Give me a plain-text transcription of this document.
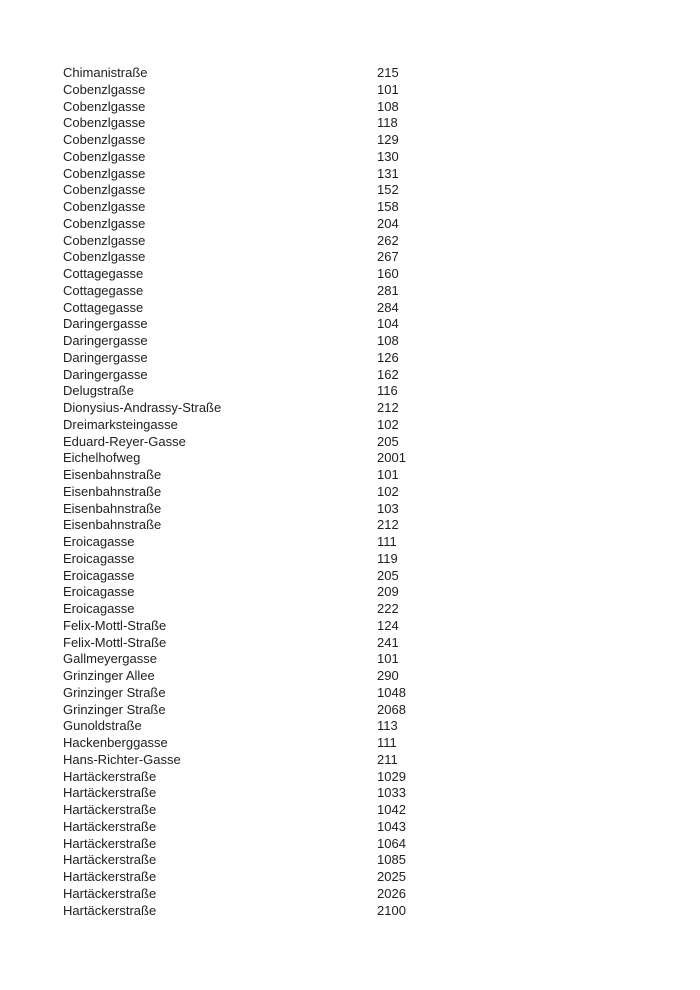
Chimanistraße	215
Cobenzlgasse	101
Cobenzlgasse	108
Cobenzlgasse	118
Cobenzlgasse	129
Cobenzlgasse	130
Cobenzlgasse	131
Cobenzlgasse	152
Cobenzlgasse	158
Cobenzlgasse	204
Cobenzlgasse	262
Cobenzlgasse	267
Cottagegasse	160
Cottagegasse	281
Cottagegasse	284
Daringergasse	104
Daringergasse	108
Daringergasse	126
Daringergasse	162
Delugstraße	116
Dionysius-Andrassy-Straße	212
Dreimarksteingasse	102
Eduard-Reyer-Gasse	205
Eichelhofweg	2001
Eisenbahnstraße	101
Eisenbahnstraße	102
Eisenbahnstraße	103
Eisenbahnstraße	212
Eroicagasse	111
Eroicagasse	119
Eroicagasse	205
Eroicagasse	209
Eroicagasse	222
Felix-Mottl-Straße	124
Felix-Mottl-Straße	241
Gallmeyergasse	101
Grinzinger Allee	290
Grinzinger Straße	1048
Grinzinger Straße	2068
Gunoldstraße	113
Hackenberggasse	111
Hans-Richter-Gasse	211
Hartäckerstraße	1029
Hartäckerstraße	1033
Hartäckerstraße	1042
Hartäckerstraße	1043
Hartäckerstraße	1064
Hartäckerstraße	1085
Hartäckerstraße	2025
Hartäckerstraße	2026
Hartäckerstraße	2100
